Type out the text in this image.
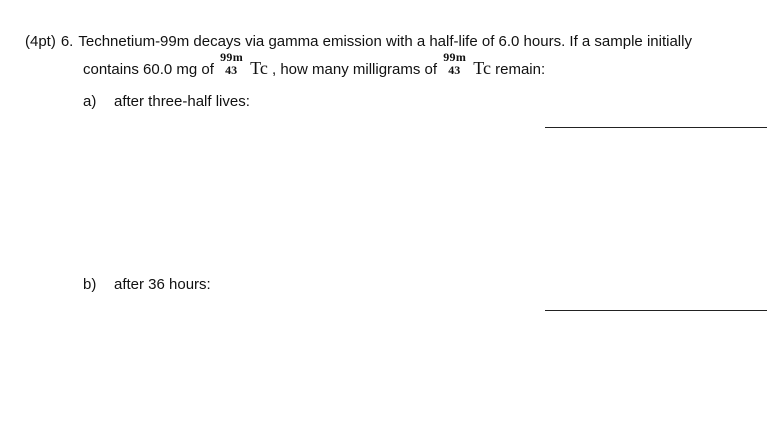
(4pt) 6. Technetium-99m decays via gamma emission with a half-life of 6.0 hours. If a sample initially
contains 60.0 mg of
99m
43 Tc , how many milligrams of
99m
43 Tc remain:
a) after three-half lives:
b) after 36 hours:
